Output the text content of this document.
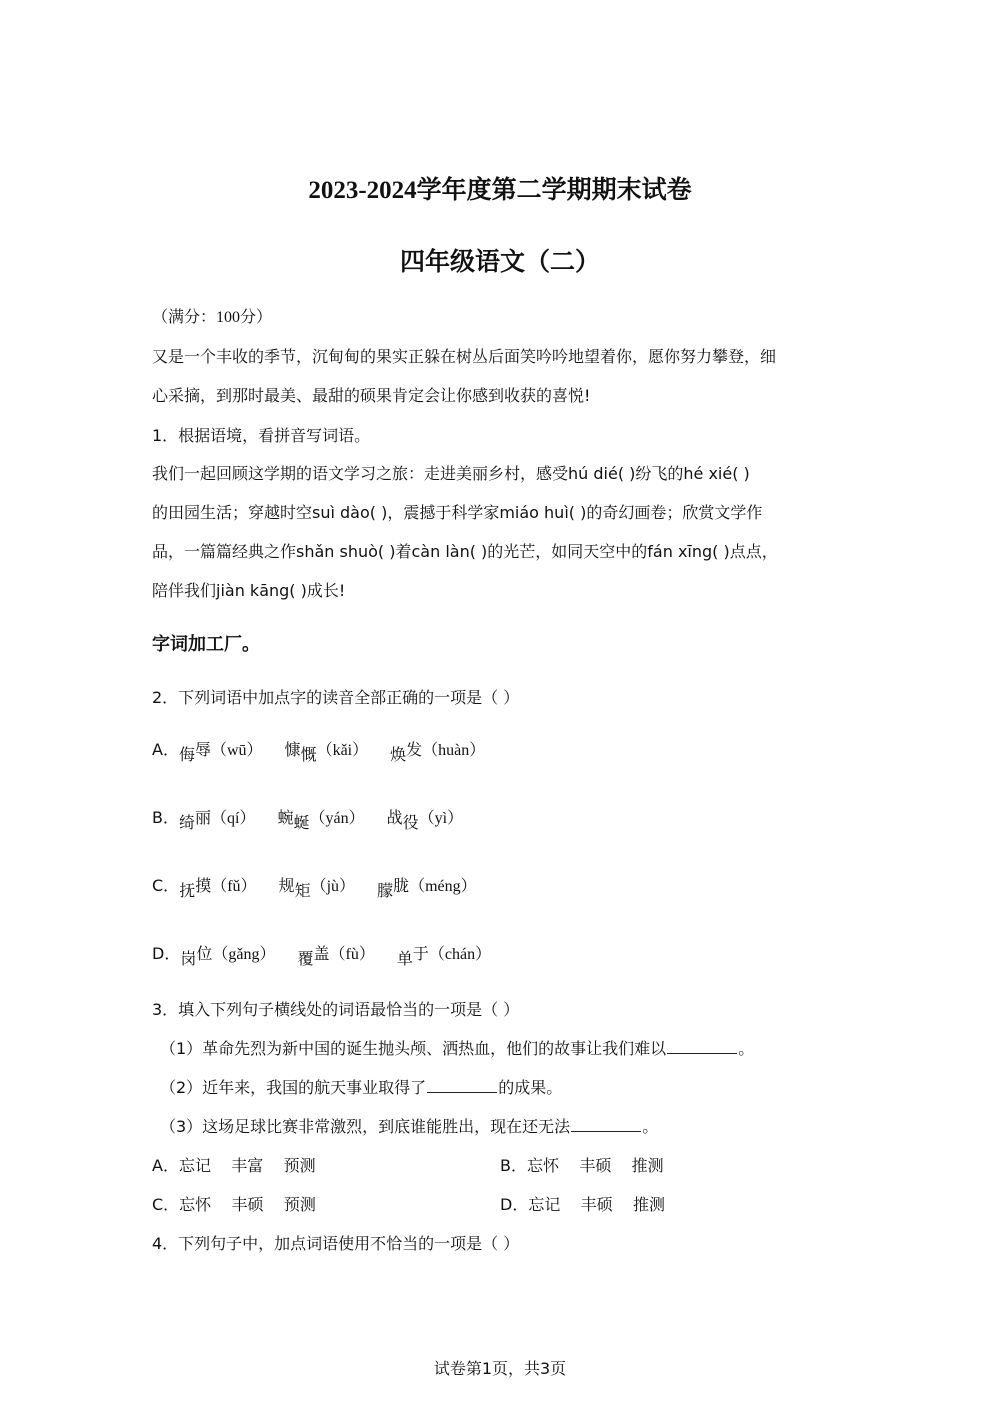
2023-2024学年度第二学期期末试卷
四年级语文（二）
（满分：100分）
又是一个丰收的季节，沉甸甸的果实正躲在树丛后面笑吟吟地望着你，愿你努力攀登，细
心采摘，到那时最美、最甜的硕果肯定会让你感到收获的喜悦!
1．根据语境，看拼音写词语。
我们一起回顾这学期的语文学习之旅：走进美丽乡村，感受hú dié( )纷飞的hé xié( )
的田园生活；穿越时空suì dào( )，震撼于科学家miáo huì( )的奇幻画卷；欣赏文学作
品，一篇篇经典之作shǎn shuò( )着càn làn( )的光芒，如同天空中的fán xīng( )点点，
陪伴我们jiàn kāng( )成长!
字词加工厂。
2．下列词语中加点字的读音全部正确的一项是（ ）
A．侮辱（wū） 慷慨（kǎi） 焕发（huàn）
B．绮丽（qí） 蜿蜒（yán） 战役（yì）
C．抚摸（fǔ） 规矩（jù） 朦胧（méng）
D．岗位（gǎng） 覆盖（fù） 单于（chán）
3．填入下列句子横线处的词语最恰当的一项是（ ）
（1）革命先烈为新中国的诞生抛头颅、洒热血，他们的故事让我们难以	。
（2）近年来，我国的航天事业取得了	的成果。
（3）这场足球比赛非常激烈，到底谁能胜出，现在还无法	。
A．忘记    丰富    预测	B．忘怀    丰硕    推测
C．忘怀    丰硕    预测	D．忘记    丰硕    推测
4．下列句子中，加点词语使用不恰当的一项是（ ）
试卷第1页，共3页
